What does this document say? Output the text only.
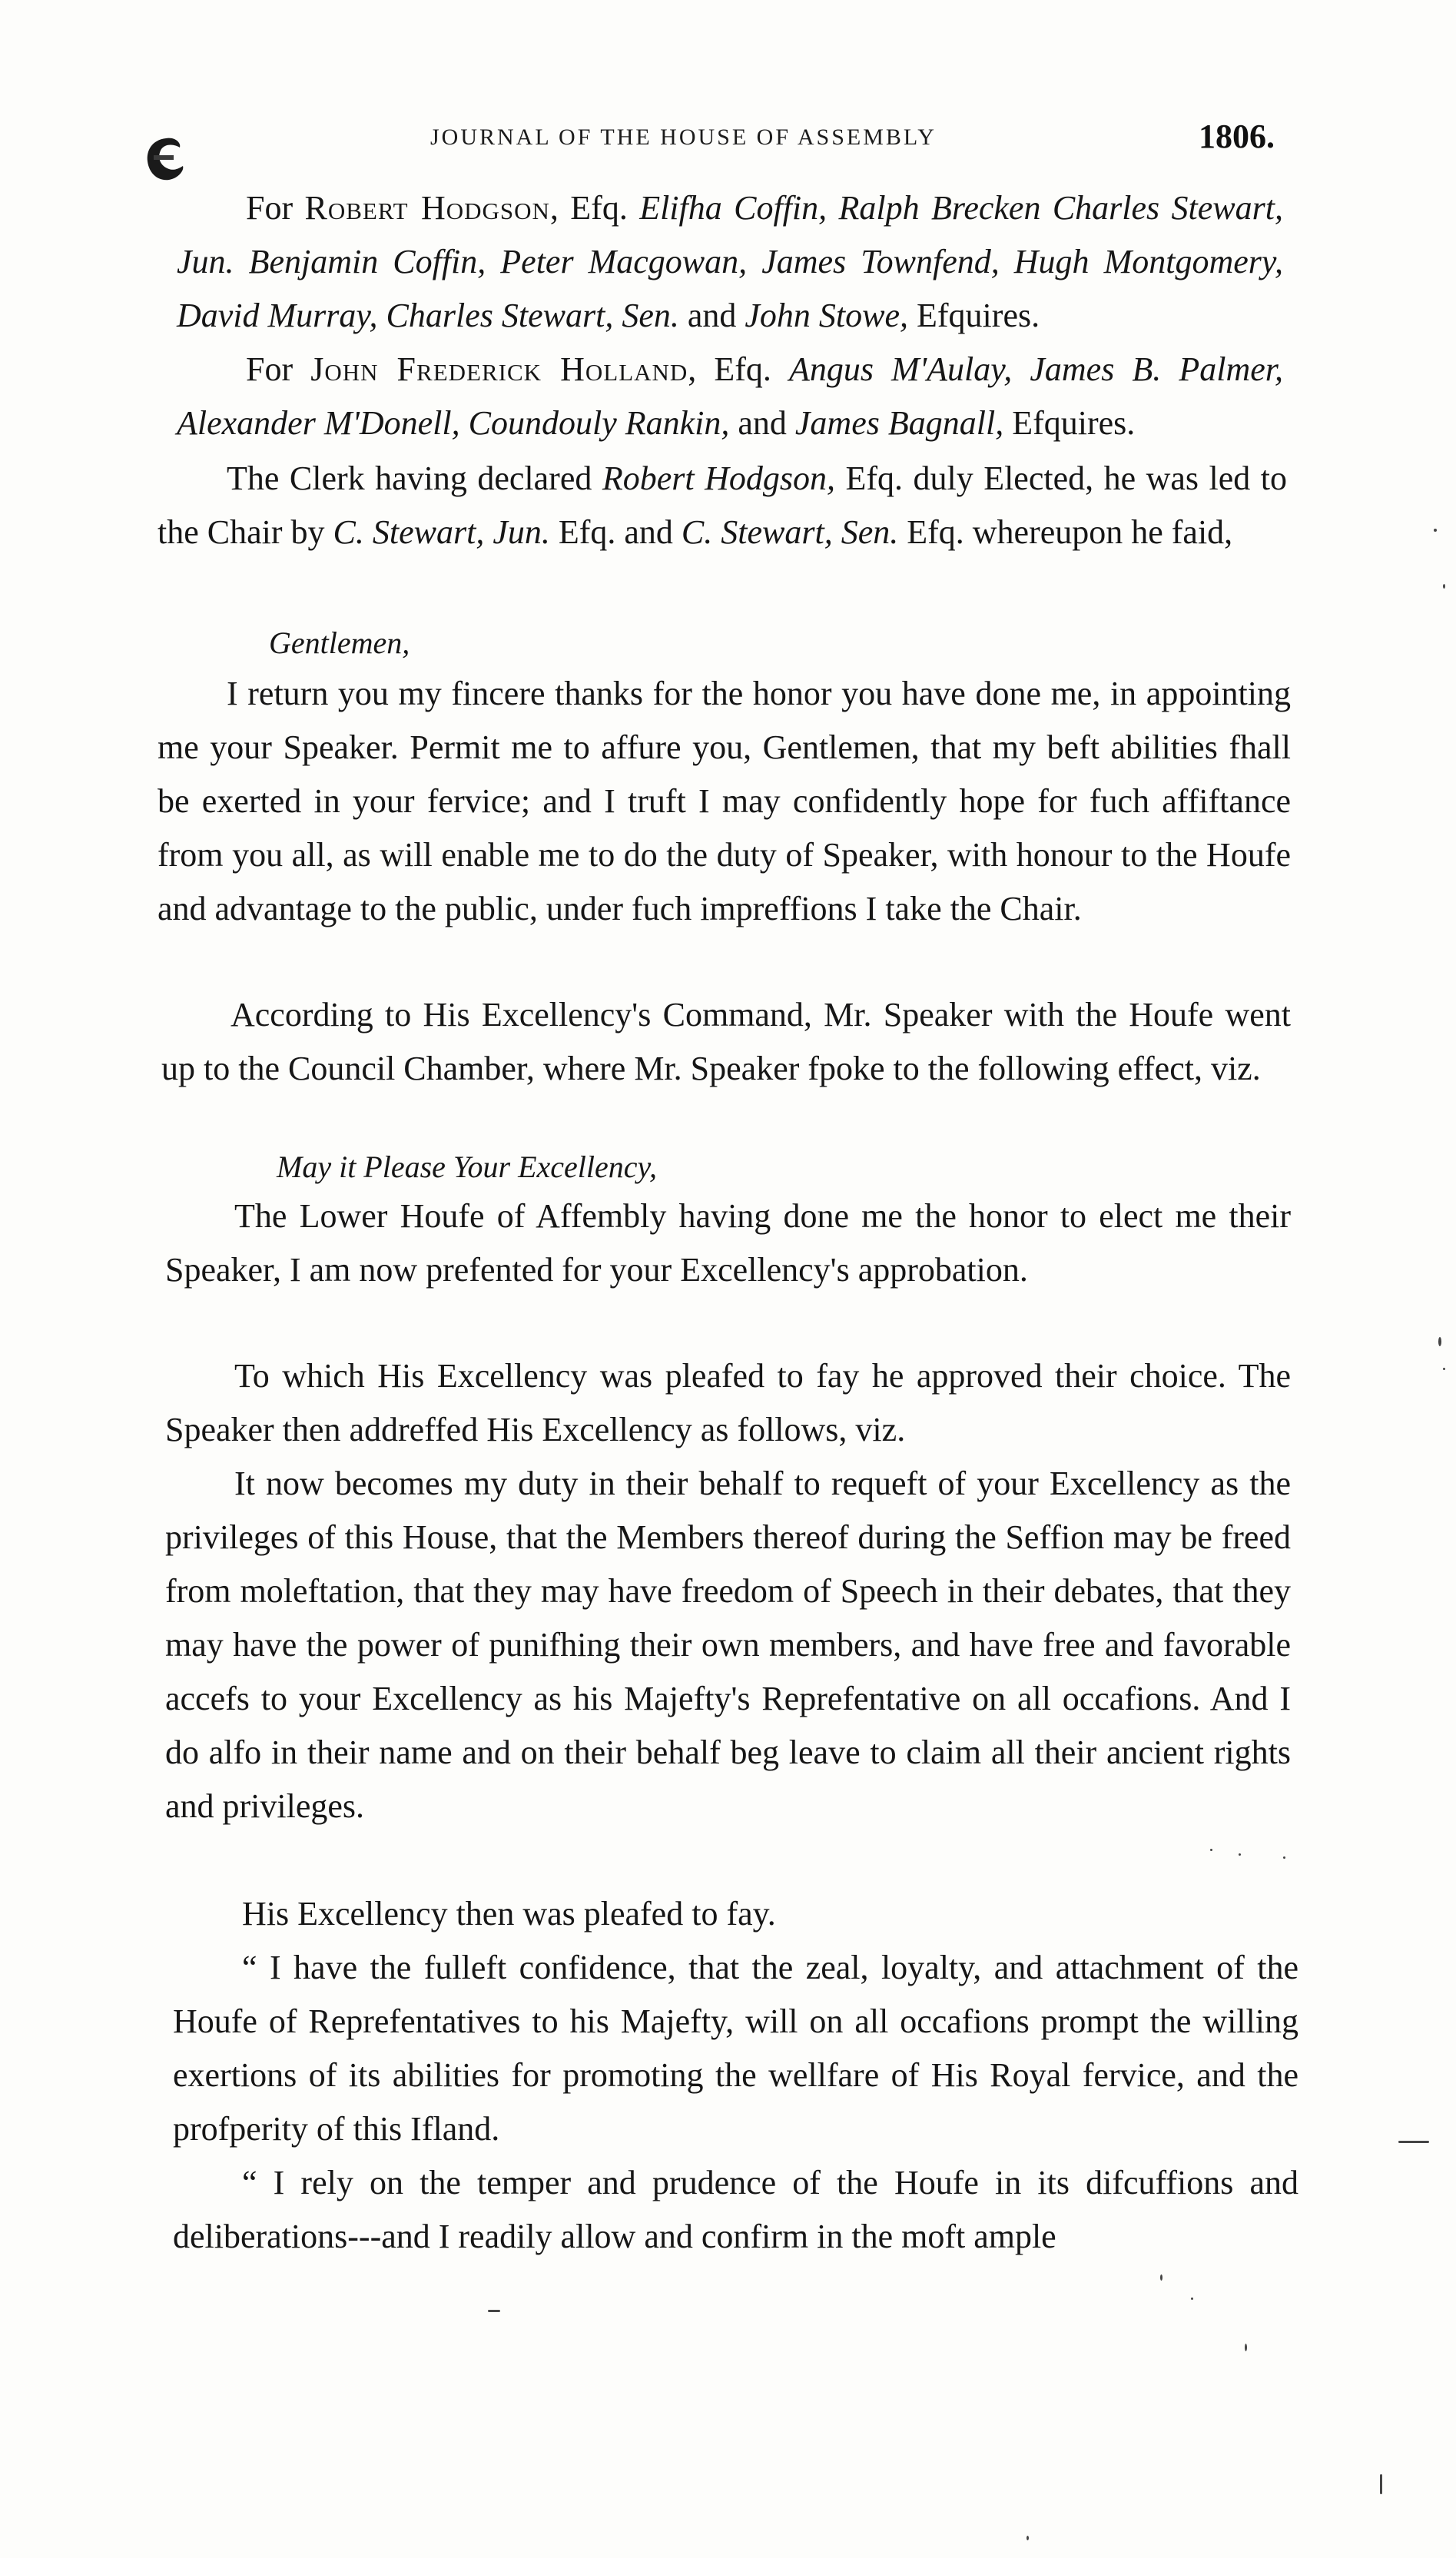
JOURNAL OF THE HOUSE OF ASSEMBLY	1806.

For Robert Hodgson, Efq. Elifha Coffin, Ralph Brecken Charles Stewart, Jun. Benjamin Coffin, Peter Macgowan, James Townfend, Hugh Montgomery, David Murray, Charles Stewart, Sen. and John Stowe, Efquires.

For John Frederick Holland, Efq. Angus M'Aulay, James B. Palmer, Alexander M'Donell, Coundouly Rankin, and James Bagnall, Efquires.

The Clerk having declared Robert Hodgson, Efq. duly Elected, he was led to the Chair by C. Stewart, Jun. Efq. and C. Stewart, Sen. Efq. whereupon he faid,

Gentlemen,

I return you my fincere thanks for the honor you have done me, in appointing me your Speaker. Permit me to affure you, Gentlemen, that my beft abilities fhall be exerted in your fervice; and I truft I may confidently hope for fuch affiftance from you all, as will enable me to do the duty of Speaker, with honour to the Houfe and advantage to the public, under fuch impreffions I take the Chair.

According to His Excellency's Command, Mr. Speaker with the Houfe went up to the Council Chamber, where Mr. Speaker fpoke to the following effect, viz.

May it Please Your Excellency,

The Lower Houfe of Affembly having done me the honor to elect me their Speaker, I am now prefented for your Excellency's approbation.

To which His Excellency was pleafed to fay he approved their choice. The Speaker then addreffed His Excellency as follows, viz.

It now becomes my duty in their behalf to requeft of your Excellency as the privileges of this House, that the Members thereof during the Seffion may be freed from moleftation, that they may have freedom of Speech in their debates, that they may have the power of punifhing their own members, and have free and favorable accefs to your Excellency as his Majefty's Reprefentative on all occafions. And I do alfo in their name and on their behalf beg leave to claim all their ancient rights and privileges.

His Excellency then was pleafed to fay.

“ I have the fulleft confidence, that the zeal, loyalty, and attachment of the Houfe of Reprefentatives to his Majefty, will on all occafions prompt the willing exertions of its abilities for promoting the wellfare of His Royal fervice, and the profperity of this Ifland.

“ I rely on the temper and prudence of the Houfe in its difcuffions and deliberations---and I readily allow and confirm in the moft ample
